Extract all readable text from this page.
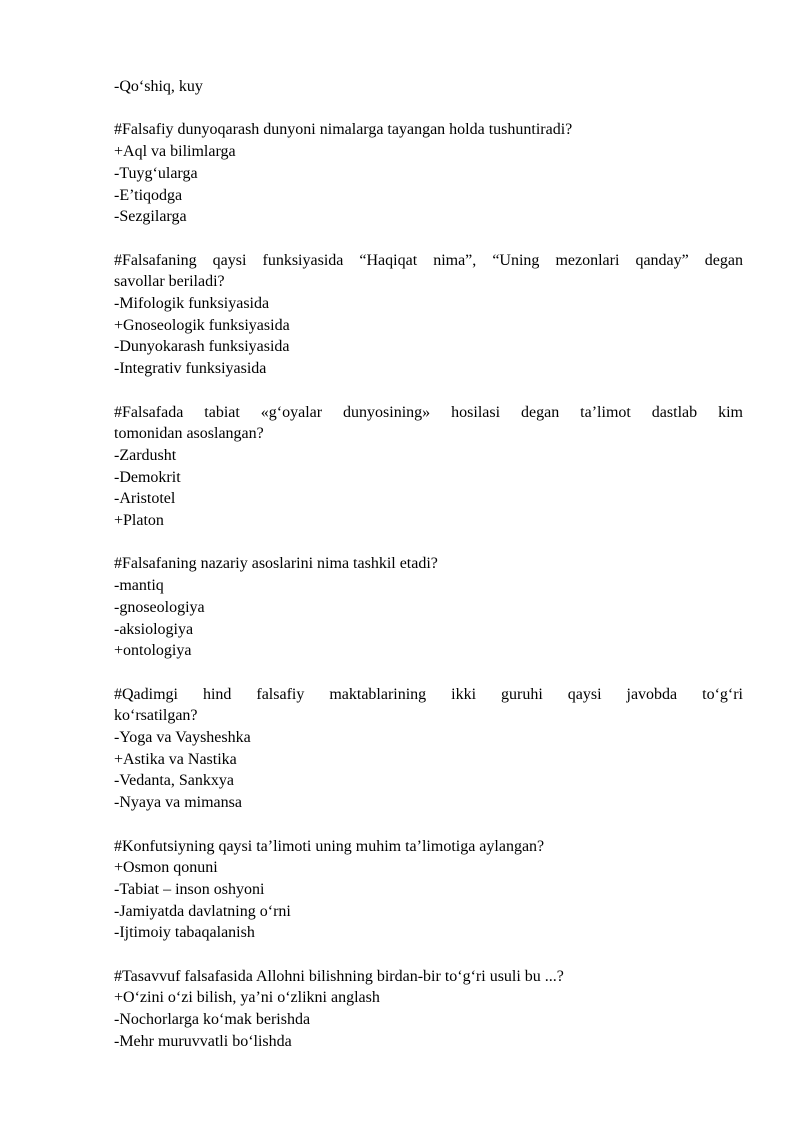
-Qo‘shiq, kuy
#Falsafiy dunyoqarash dunyoni nimalarga tayangan holda tushuntiradi?
+Aql va bilimlarga
-Tuyg‘ularga
-E’tiqodga
-Sezgilarga
#Falsafaning qaysi funksiyasida “Haqiqat nima”, “Uning mezonlari qanday” degan
savollar beriladi?
-Mifologik funksiyasida
+Gnoseologik funksiyasida
-Dunyokarash funksiyasida
-Integrativ funksiyasida
#Falsafada tabiat «g‘oyalar dunyosining» hosilasi degan ta’limot dastlab kim
tomonidan asoslangan?
-Zardusht
-Demokrit
-Aristotel
+Platon
#Falsafaning nazariy asoslarini nima tashkil etadi?
-mantiq
-gnoseologiya
-aksiologiya
+ontologiya
#Qadimgi hind falsafiy maktablarining ikki guruhi qaysi javobda to‘g‘ri
ko‘rsatilgan?
-Yoga va Vaysheshka
+Astika va Nastika
-Vedanta, Sankxya
-Nyaya va mimansa
#Konfutsiyning qaysi ta’limoti uning muhim ta’limotiga aylangan?
+Osmon qonuni
-Tabiat – inson oshyoni
-Jamiyatda davlatning o‘rni
-Ijtimoiy tabaqalanish
#Tasavvuf falsafasida Allohni bilishning birdan-bir to‘g‘ri usuli bu ...?
+O‘zini o‘zi bilish, ya’ni o‘zlikni anglash
-Nochorlarga ko‘mak berishda
-Mehr muruvvatli bo‘lishda
